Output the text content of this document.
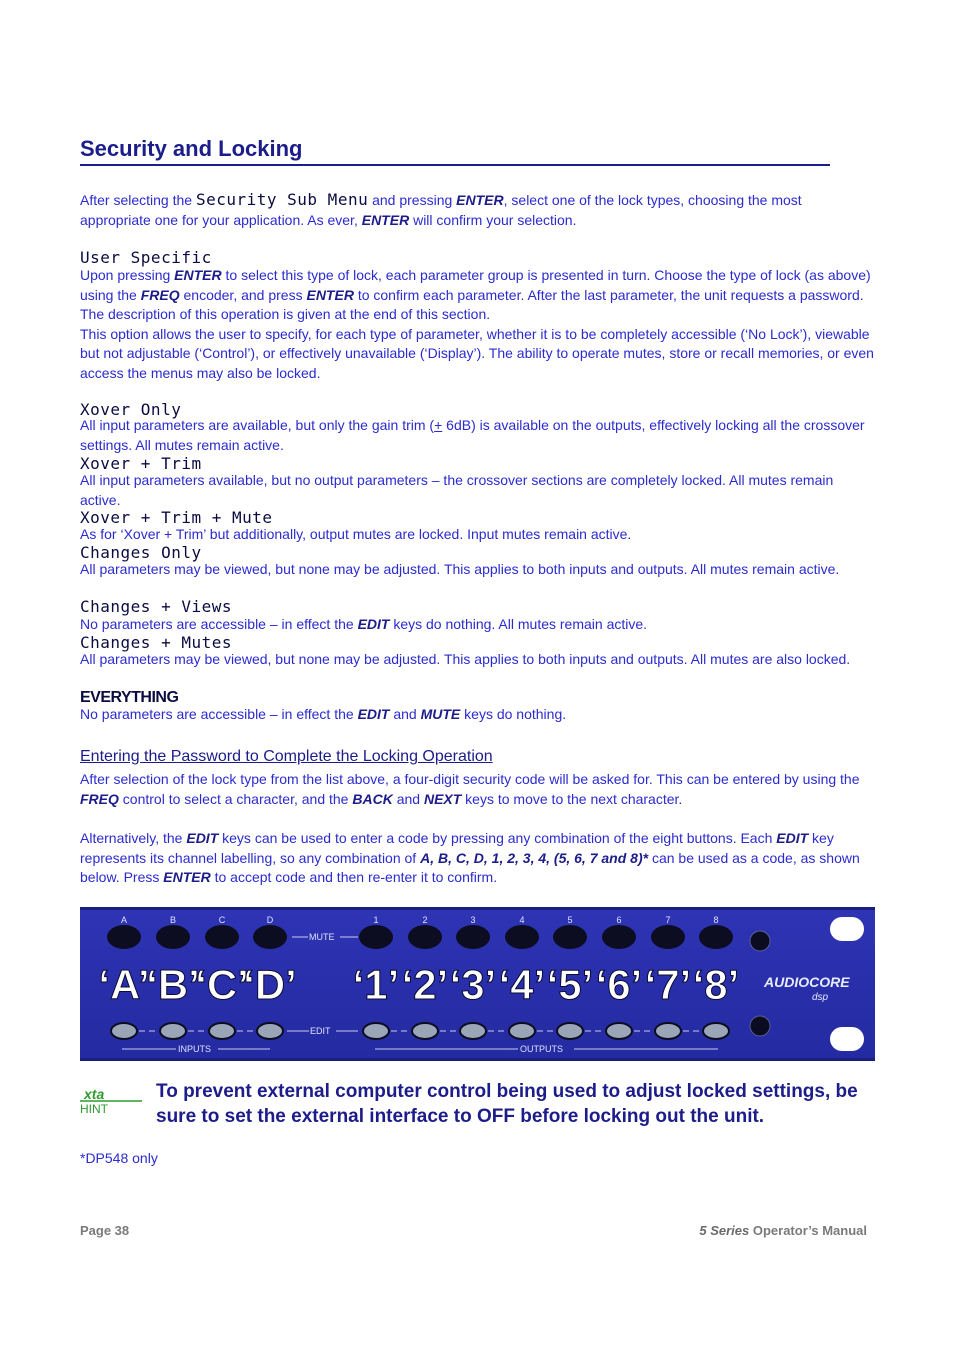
Security and Locking
After selecting the Security Sub Menu and pressing ENTER, select one of the lock types, choosing the most appropriate one for your application. As ever, ENTER will confirm your selection.
User Specific
Upon pressing ENTER to select this type of lock, each parameter group is presented in turn. Choose the type of lock (as above) using the FREQ encoder, and press ENTER to confirm each parameter. After the last parameter, the unit requests a password. The description of this operation is given at the end of this section.
This option allows the user to specify, for each type of parameter, whether it is to be completely accessible (‘No Lock’), viewable but not adjustable (‘Control’), or effectively unavailable (‘Display’). The ability to operate mutes, store or recall memories, or even access the menus may also be locked.
Xover Only
All input parameters are available, but only the gain trim (+ 6dB) is available on the outputs, effectively locking all the crossover settings. All mutes remain active.
Xover + Trim
All input parameters available, but no output parameters – the crossover sections are completely locked. All mutes remain active.
Xover + Trim + Mute
As for ‘Xover + Trim’ but additionally, output mutes are locked. Input mutes remain active.
Changes Only
All parameters may be viewed, but none may be adjusted. This applies to both inputs and outputs. All mutes remain active.
Changes + Views
No parameters are accessible – in effect the EDIT keys do nothing. All mutes remain active.
Changes + Mutes
All parameters may be viewed, but none may be adjusted. This applies to both inputs and outputs. All mutes are also locked.
EVERYTHING
No parameters are accessible – in effect the EDIT and MUTE keys do nothing.
Entering the Password to Complete the Locking Operation
After selection of the lock type from the list above, a four-digit security code will be asked for. This can be entered by using the FREQ control to select a character, and the BACK and NEXT keys to move to the next character.
Alternatively, the EDIT keys can be used to enter a code by pressing any combination of the eight buttons. Each EDIT key represents its channel labelling, so any combination of A, B, C, D, 1, 2, 3, 4, (5, 6, 7 and 8)* can be used as a code, as shown below. Press ENTER to accept code and then re-enter it to confirm.
A	B	C	D	1	2	3	4	5	6	7	8
‘A’
‘B’
‘C’
‘D’ ‘1’ ‘2’ ‘3’ ‘4’ ‘5’ ‘6’ ‘7’ ‘8’
MUTE
EDIT
INPUTS	OUTPUTS
AUDIOCORE
dsp
xta
HINT
To prevent external computer control being used to adjust locked settings, be sure to set the external interface to OFF before locking out the unit.
*DP548 only
Page 38	5 Series Operator’s Manual
